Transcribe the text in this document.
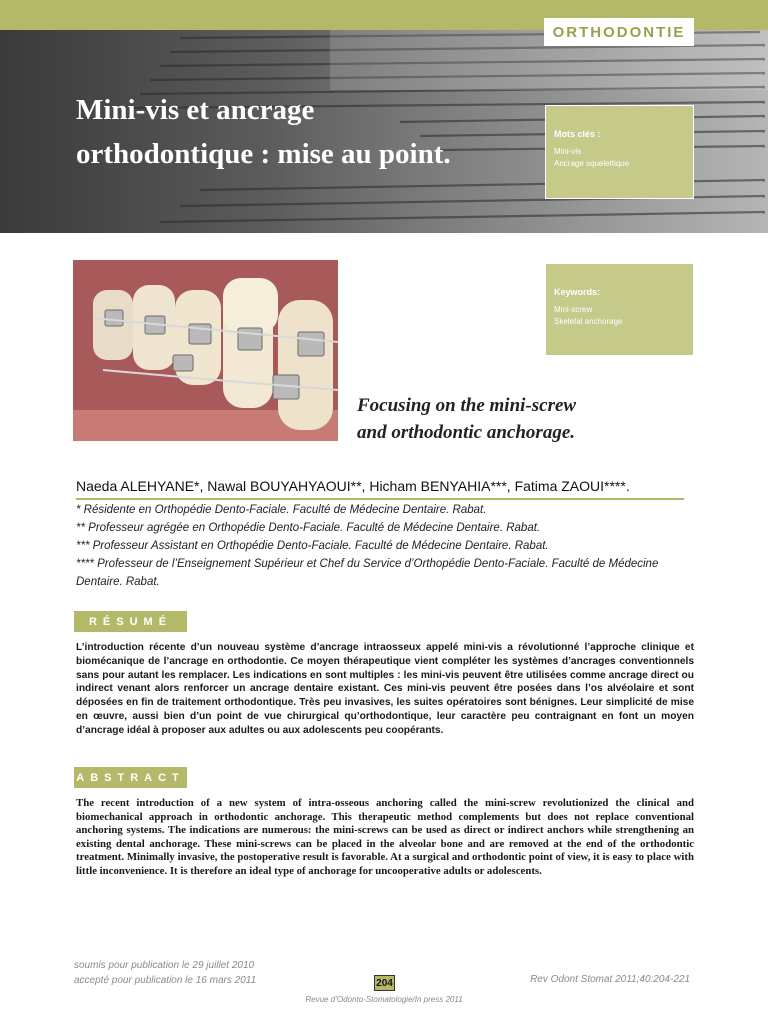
ORTHODONTIE
Mini-vis et ancrage
orthodontique : mise au point.
Mots clés :
Mini-vis
Ancrage squelettique
Keywords:
Mini-screw
Skeletal anchorage
Focusing on the mini-screw
and orthodontic anchorage.
Naeda ALEHYANE*, Nawal BOUYAHYAOUI**, Hicham BENYAHIA***, Fatima ZAOUI****.
* Résidente en Orthopédie Dento-Faciale. Faculté de Médecine Dentaire. Rabat.
** Professeur agrégée en Orthopédie Dento-Faciale. Faculté de Médecine Dentaire. Rabat.
*** Professeur Assistant en Orthopédie Dento-Faciale. Faculté de Médecine Dentaire. Rabat.
**** Professeur de l’Enseignement Supérieur et Chef du Service d’Orthopédie Dento-Faciale. Faculté de Médecine Dentaire. Rabat.
RÉSUMÉ
L’introduction récente d’un nouveau système d’ancrage intraosseux appelé mini-vis a révolutionné l’approche clinique et biomécanique de l’ancrage en orthodontie. Ce moyen thérapeutique vient compléter les systèmes d’ancrages conventionnels sans pour autant les remplacer. Les indications en sont multiples : les mini-vis peuvent être utilisées comme ancrage direct ou indirect venant alors renforcer un ancrage dentaire existant. Ces mini-vis peuvent être posées dans l’os alvéolaire et sont déposées en fin de traitement orthodontique. Très peu invasives, les suites opératoires sont bénignes. Leur simplicité de mise en œuvre, aussi bien d’un point de vue chirurgical qu’orthodontique, leur caractère peu contraignant en font un moyen d’ancrage idéal à proposer aux adultes ou aux adolescents peu coopérants.
ABSTRACT
The recent introduction of a new system of intra-osseous anchoring called the mini-screw revolutionized the clinical and biomechanical approach in orthodontic anchorage. This therapeutic method complements but does not replace conventional anchoring systems. The indications are numerous: the mini-screws can be used as direct or indirect anchors while strengthening an existing dental anchorage. These mini-screws can be placed in the alveolar bone and are removed at the end of the orthodontic treatment. Minimally invasive, the postoperative result is favorable. At a surgical and orthodontic point of view, it is easy to place with little inconvenience. It is therefore an ideal type of anchorage for uncooperative adults or adolescents.
soumis pour publication le 29 juillet 2010
accepté pour publication le 16 mars 2011	204	Rev Odont Stomat 2011;40:204-221
Revue d’Odonto-Stomatologie/In press 2011
